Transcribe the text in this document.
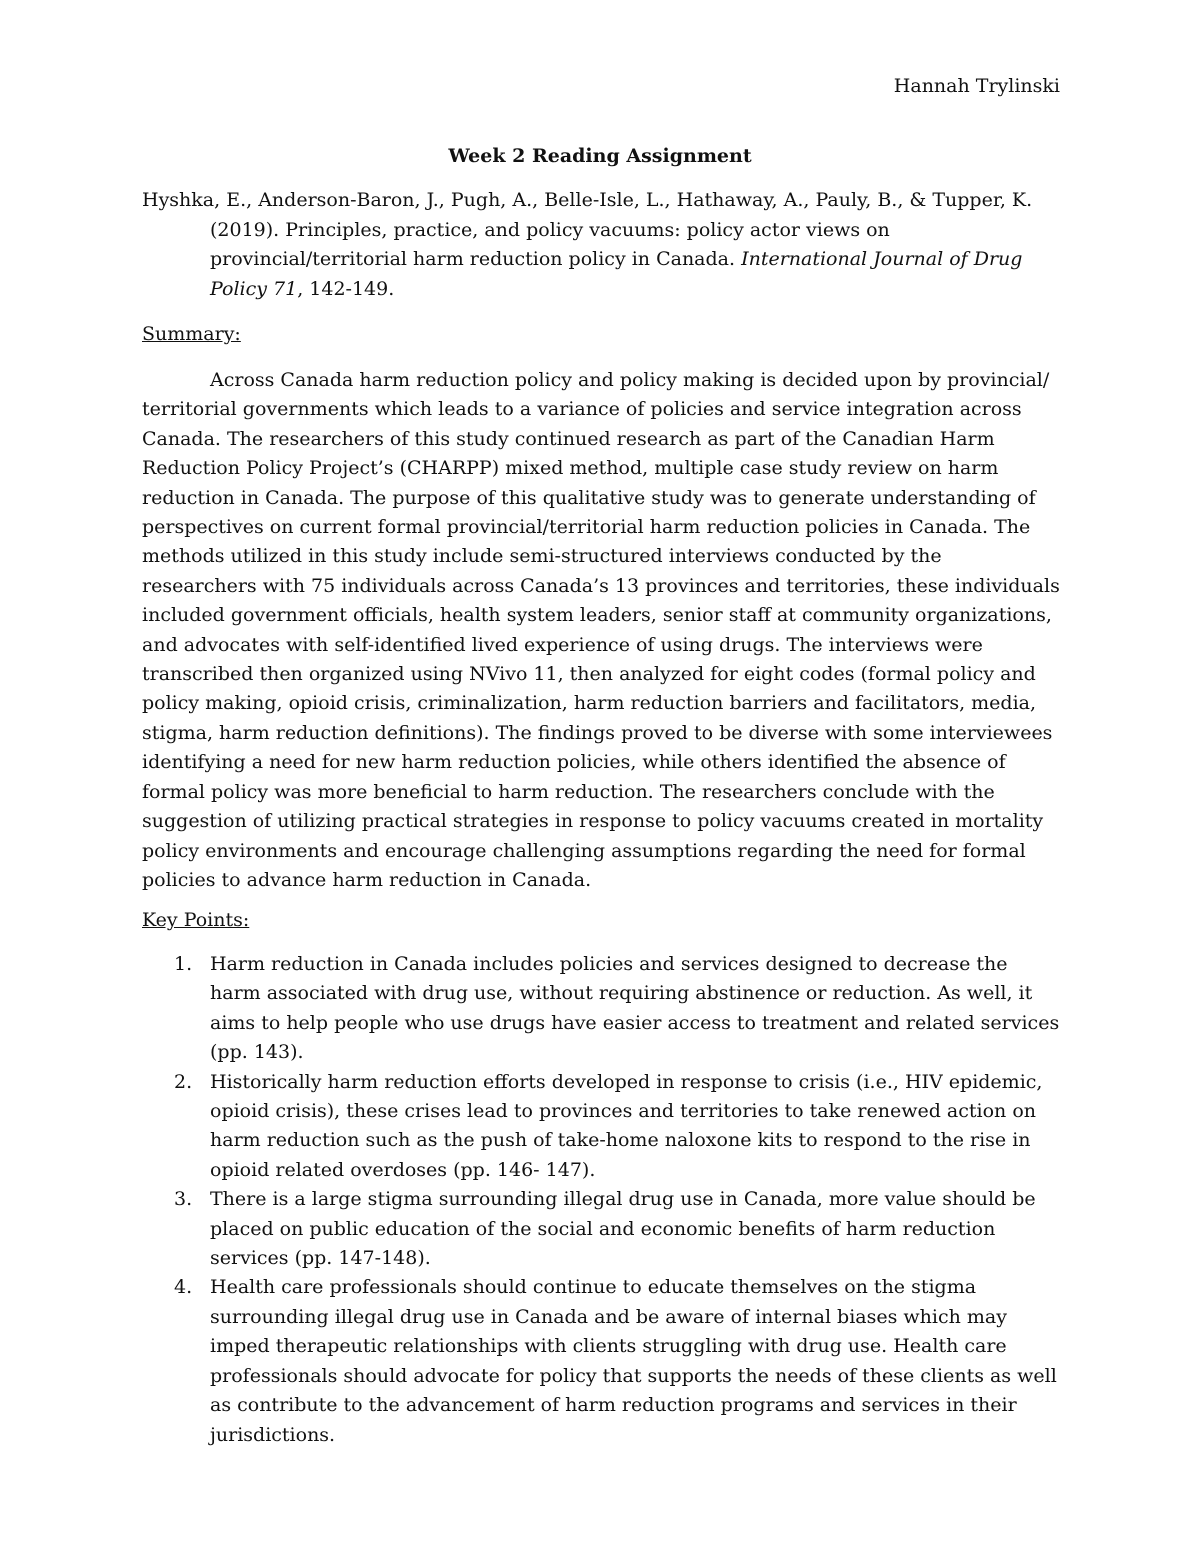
Hannah Trylinski
Week 2 Reading Assignment
Hyshka, E., Anderson-Baron, J., Pugh, A., Belle-Isle, L., Hathaway, A., Pauly, B., & Tupper, K. (2019). Principles, practice, and policy vacuums: policy actor views on provincial/territorial harm reduction policy in Canada. International Journal of Drug Policy 71, 142-149.
Summary:
Across Canada harm reduction policy and policy making is decided upon by provincial/ territorial governments which leads to a variance of policies and service integration across Canada. The researchers of this study continued research as part of the Canadian Harm Reduction Policy Project’s (CHARPP) mixed method, multiple case study review on harm reduction in Canada. The purpose of this qualitative study was to generate understanding of perspectives on current formal provincial/territorial harm reduction policies in Canada. The methods utilized in this study include semi-structured interviews conducted by the researchers with 75 individuals across Canada’s 13 provinces and territories, these individuals included government officials, health system leaders, senior staff at community organizations, and advocates with self-identified lived experience of using drugs. The interviews were transcribed then organized using NVivo 11, then analyzed for eight codes (formal policy and policy making, opioid crisis, criminalization, harm reduction barriers and facilitators, media, stigma, harm reduction definitions). The findings proved to be diverse with some interviewees identifying a need for new harm reduction policies, while others identified the absence of formal policy was more beneficial to harm reduction. The researchers conclude with the suggestion of utilizing practical strategies in response to policy vacuums created in mortality policy environments and encourage challenging assumptions regarding the need for formal policies to advance harm reduction in Canada.
Key Points:
1. Harm reduction in Canada includes policies and services designed to decrease the harm associated with drug use, without requiring abstinence or reduction. As well, it aims to help people who use drugs have easier access to treatment and related services (pp. 143).
2. Historically harm reduction efforts developed in response to crisis (i.e., HIV epidemic, opioid crisis), these crises lead to provinces and territories to take renewed action on harm reduction such as the push of take-home naloxone kits to respond to the rise in opioid related overdoses (pp. 146- 147).
3. There is a large stigma surrounding illegal drug use in Canada, more value should be placed on public education of the social and economic benefits of harm reduction services (pp. 147-148).
4. Health care professionals should continue to educate themselves on the stigma surrounding illegal drug use in Canada and be aware of internal biases which may imped therapeutic relationships with clients struggling with drug use. Health care professionals should advocate for policy that supports the needs of these clients as well as contribute to the advancement of harm reduction programs and services in their jurisdictions.
